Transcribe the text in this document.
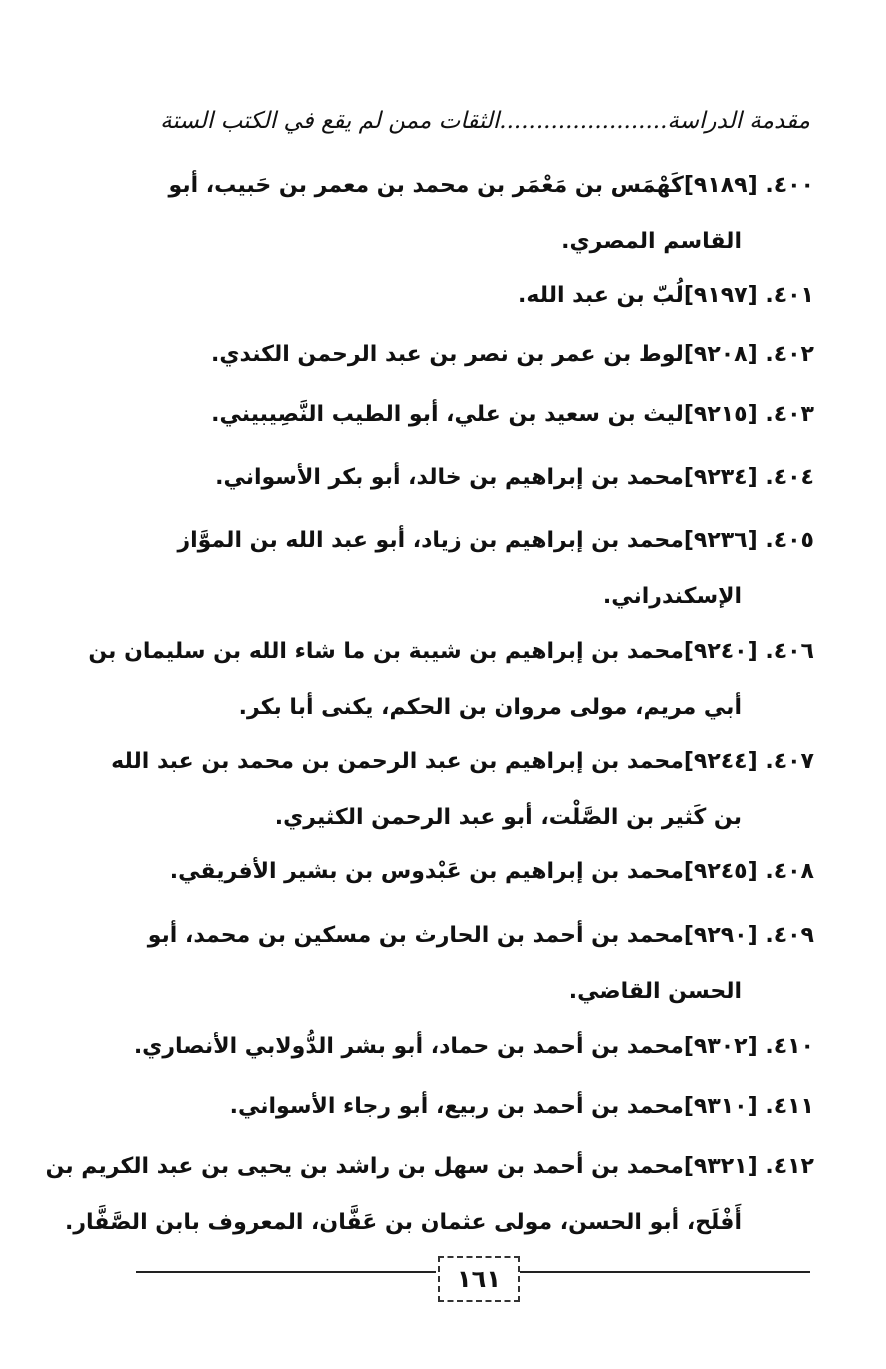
مقدمة الدراسة.......................الثقات ممن لم يقع في الكتب الستة
٤٠٠. [٩١٨٩]كَهْمَس بن مَعْمَر بن محمد بن معمر بن حَبيب، أبو
القاسم المصري.
٤٠١. [٩١٩٧]لُبّ بن عبد الله.
٤٠٢. [٩٢٠٨]لوط بن عمر بن نصر بن عبد الرحمن الكندي.
٤٠٣. [٩٢١٥]ليث بن سعيد بن علي، أبو الطيب النَّصِيبيني.
٤٠٤. [٩٢٣٤]محمد بن إبراهيم بن خالد، أبو بكر الأسواني.
٤٠٥. [٩٢٣٦]محمد بن إبراهيم بن زياد، أبو عبد الله بن الموَّاز
الإسكندراني.
٤٠٦. [٩٢٤٠]محمد بن إبراهيم بن شيبة بن ما شاء الله بن سليمان بن
أبي مريم، مولى مروان بن الحكم، يكنى أبا بكر.
٤٠٧. [٩٢٤٤]محمد بن إبراهيم بن عبد الرحمن بن محمد بن عبد الله
بن كَثير بن الصَّلْت، أبو عبد الرحمن الكثيري.
٤٠٨. [٩٢٤٥]محمد بن إبراهيم بن عَبْدوس بن بشير الأفريقي.
٤٠٩. [٩٢٩٠]محمد بن أحمد بن الحارث بن مسكين بن محمد، أبو
الحسن القاضي.
٤١٠. [٩٣٠٢]محمد بن أحمد بن حماد، أبو بشر الدُّولابي الأنصاري.
٤١١. [٩٣١٠]محمد بن أحمد بن ربيع، أبو رجاء الأسواني.
٤١٢. [٩٣٢١]محمد بن أحمد بن سهل بن راشد بن يحيى بن عبد الكريم بن
أَفْلَح، أبو الحسن، مولى عثمان بن عَفَّان، المعروف بابن الصَّفَّار.
١٦١
